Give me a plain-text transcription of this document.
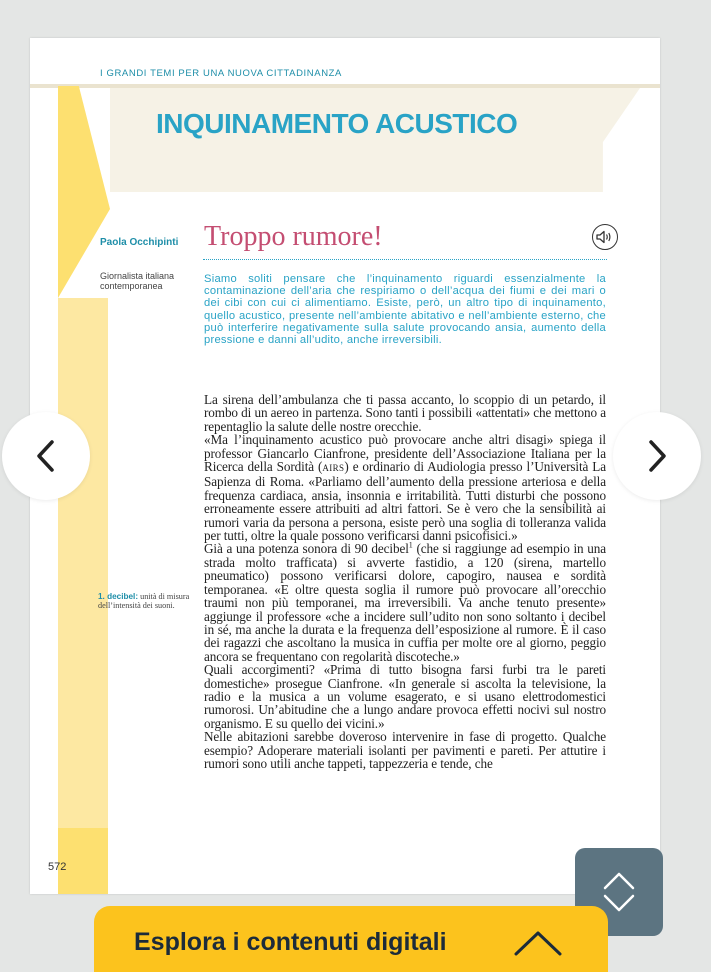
I GRANDI TEMI PER UNA NUOVA CITTADINANZA
INQUINAMENTO ACUSTICO
Paola Occhipinti Troppo rumore!
Giornalista italiana contemporanea
Siamo soliti pensare che l’inquinamento riguardi essenzialmente la contaminazione dell’aria che respiriamo o dell’acqua dei fiumi e dei mari o dei cibi con cui ci alimentiamo. Esiste, però, un altro tipo di inquinamento, quello acustico, presente nell’ambiente abitativo e nell’ambiente esterno, che può interferire negativamente sulla salute provocando ansia, aumento della pressione e danni all’udito, anche irreversibili.
1. decibel: unità di misura dell’intensità dei suoni.

La sirena dell’ambulanza che ti passa accanto, lo scoppio di un petardo, il rombo di un aereo in partenza. Sono tanti i possibili «attentati» che mettono a repentaglio la salute delle nostre orecchie.

«Ma l’inquinamento acustico può provocare anche altri disagi» spiega il professor Giancarlo Cianfrone, presidente dell’Associazione Italiana per la Ricerca della Sordità (AIRS) e ordinario di Audiologia presso l’Università La Sapienza di Roma. «Parliamo dell’aumento della pressione arteriosa e della frequenza cardiaca, ansia, insonnia e irritabilità. Tutti disturbi che possono erroneamente essere attribuiti ad altri fattori. Se è vero che la sensibilità ai rumori varia da persona a persona, esiste però una soglia di tolleranza valida per tutti, oltre la quale possono verificarsi danni psicofisici.»

Già a una potenza sonora di 90 decibel$^1$ (che si raggiunge ad esempio in una strada molto trafficata) si avverte fastidio, a 120 (sirena, martello pneumatico) possono verificarsi dolore, capogiro, nausea e sordità temporanea. «E oltre questa soglia il rumore può provocare all’orecchio traumi non più temporanei, ma irreversibili. Va anche tenuto presente» aggiunge il professore «che a incidere sull’udito non sono soltanto i decibel in sé, ma anche la durata e la frequenza dell’esposizione al rumore. È il caso dei ragazzi che ascoltano la musica in cuffia per molte ore al giorno, peggio ancora se frequentano con regolarità discoteche.»

Quali accorgimenti? «Prima di tutto bisogna farsi furbi tra le pareti domestiche» prosegue Cianfrone. «In generale si ascolta la televisione, la radio e la musica a un volume esagerato, e si usano elettrodomestici rumorosi. Un’abitudine che a lungo andare provoca effetti nocivi sul nostro organismo. E su quello dei vicini.»

Nelle abitazioni sarebbe doveroso intervenire in fase di progetto. Qualche esempio? Adoperare materiali isolanti per pavimenti e pareti. Per attutire i rumori sono utili anche tappeti, tappezzeria e tende, che

572
Esplora i contenuti digitali
